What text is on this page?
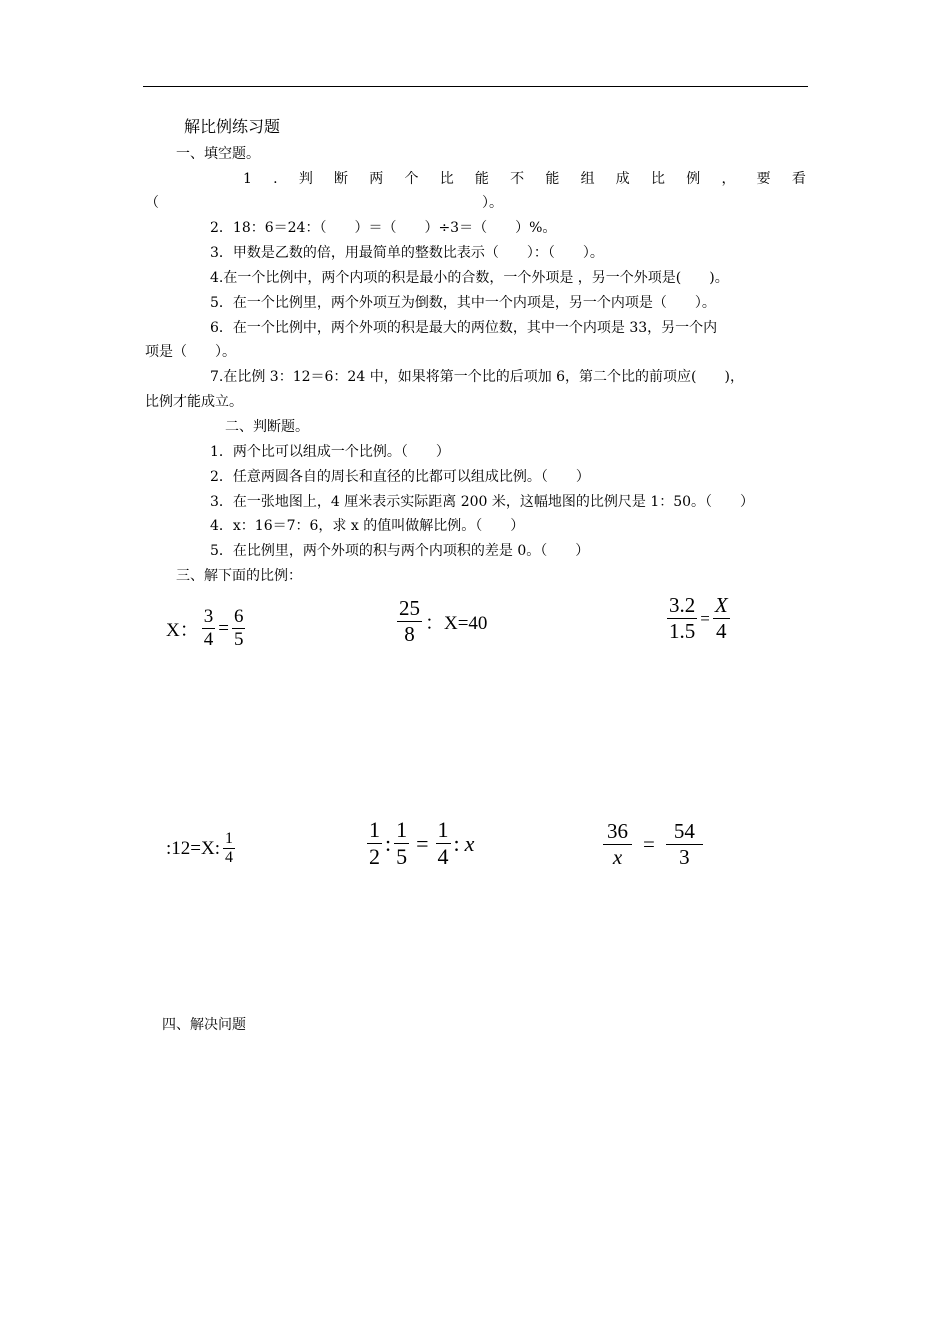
解比例练习题
一、填空题。
1 . 判 断 两 个 比 能 不 能 组 成 比 例 ， 要 看
（	）。
2．18：6＝24：（　　）＝（　　）÷3＝（　　）%。
3．甲数是乙数的倍，用最简单的整数比表示（　　）：（　　）。
4.在一个比例中，两个内项的积是最小的合数，一个外项是 ，另一个外项是(　　)。
5．在一个比例里，两个外项互为倒数，其中一个内项是，另一个内项是（　　）。
6．在一个比例中，两个外项的积是最大的两位数，其中一个内项是 33，另一个内
项是（　　）。
7.在比例 3：12＝6：24 中，如果将第一个比的后项加 6，第二个比的前项应(　　)，
比例才能成立。
二、判断题。
1．两个比可以组成一个比例。（　　）
2．任意两圆各自的周长和直径的比都可以组成比例。（　　）
3．在一张地图上，4 厘米表示实际距离 200 米，这幅地图的比例尺是 1：50。（　　）
4．x：16＝7：6，求 x 的值叫做解比例。（　　）
5．在比例里，两个外项的积与两个内项积的差是 0。（　　）
三、解下面的比例：
X： $\frac{3}{4} = \frac{6}{5}$	$\frac{25}{8}$ ：X=40	$\frac{3.2}{1.5} = \frac{X}{4}$
:12=X: $\frac{1}{4}$	$\frac{1}{2}$ : $\frac{1}{5} = \frac{1}{4}$ : x	$\frac{36}{x} = \frac{54}{3}$
四、解决问题
